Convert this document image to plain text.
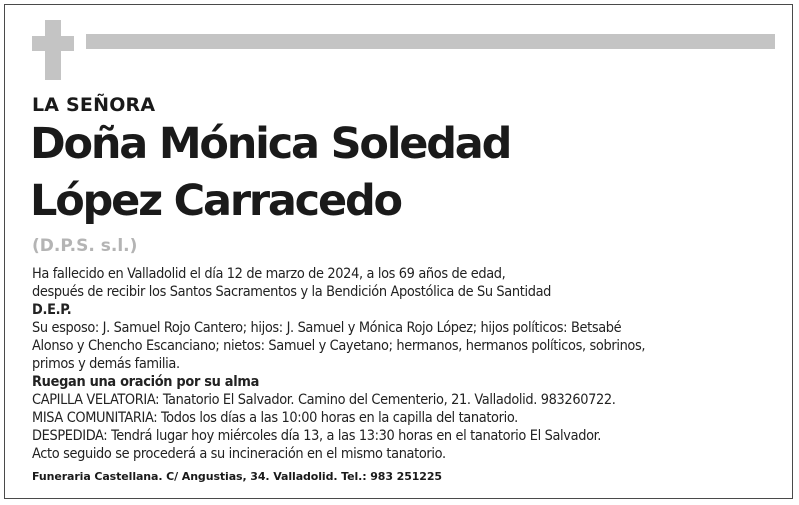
LA SEÑORA
Doña Mónica Soledad
López Carracedo
(D.P.S. s.l.)
Ha fallecido en Valladolid el día 12 de marzo de 2024, a los 69 años de edad,
después de recibir los Santos Sacramentos y la Bendición Apostólica de Su Santidad
D.E.P.
Su esposo: J. Samuel Rojo Cantero; hijos: J. Samuel y Mónica Rojo López; hijos políticos: Betsabé
Alonso y Chencho Escanciano; nietos: Samuel y Cayetano; hermanos, hermanos políticos, sobrinos,
primos y demás familia.
Ruegan una oración por su alma
CAPILLA VELATORIA: Tanatorio El Salvador. Camino del Cementerio, 21. Valladolid. 983260722.
MISA COMUNITARIA: Todos los días a las 10:00 horas en la capilla del tanatorio.
DESPEDIDA: Tendrá lugar hoy miércoles día 13, a las 13:30 horas en el tanatorio El Salvador.
Acto seguido se procederá a su incineración en el mismo tanatorio.
Funeraria Castellana. C/ Angustias, 34. Valladolid. Tel.: 983 251225
